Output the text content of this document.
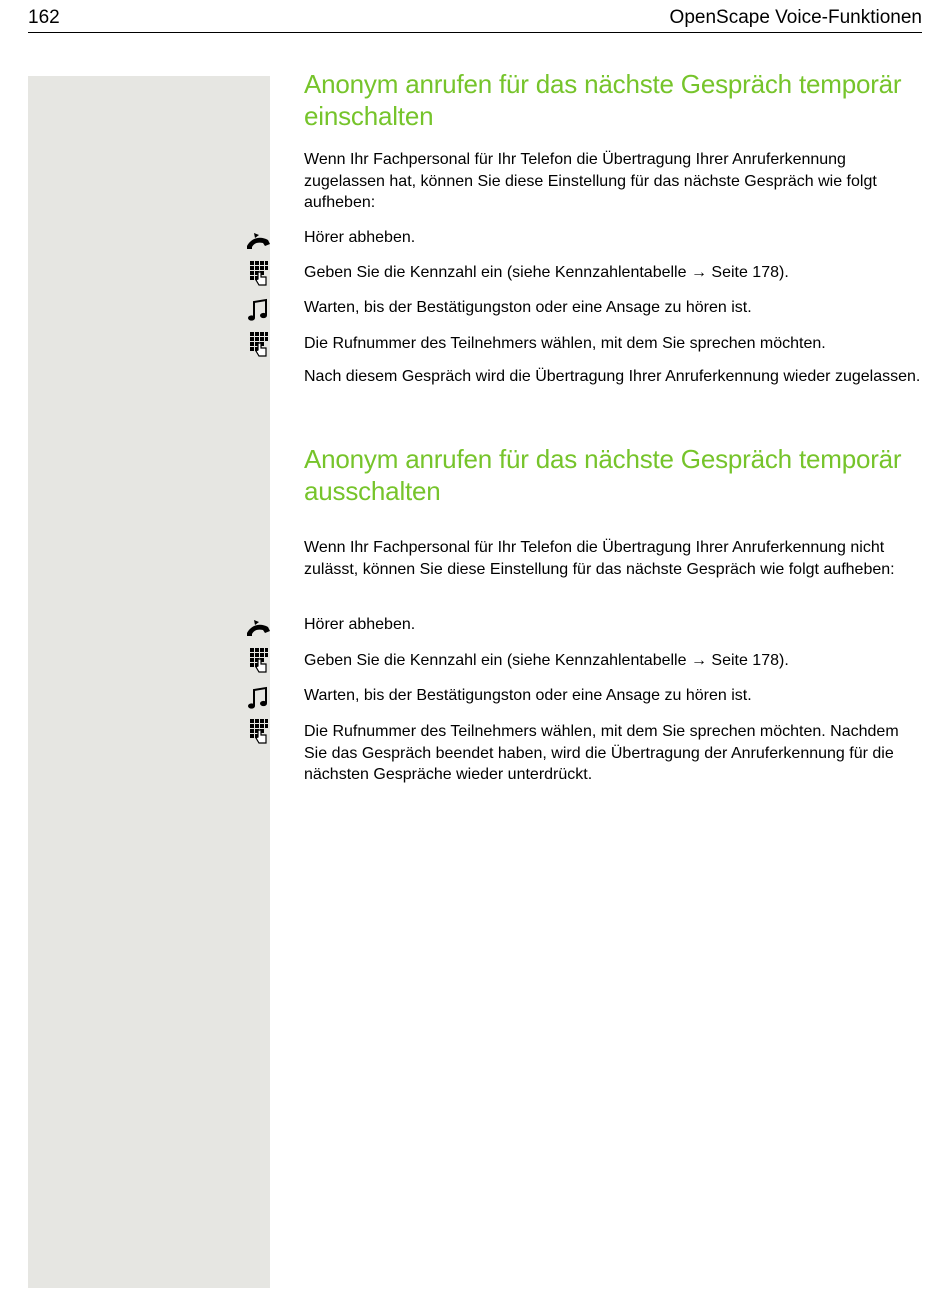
162	OpenScape Voice-Funktionen
Anonym anrufen für das nächste Gespräch temporär einschalten

Wenn Ihr Fachpersonal für Ihr Telefon die Übertragung Ihrer Anruferkennung zugelassen hat, können Sie diese Einstellung für das nächste Gespräch wie folgt aufheben:

Hörer abheben.
Geben Sie die Kennzahl ein (siehe Kennzahlentabelle → Seite 178).
Warten, bis der Bestätigungston oder eine Ansage zu hören ist.
Die Rufnummer des Teilnehmers wählen, mit dem Sie sprechen möchten.

Nach diesem Gespräch wird die Übertragung Ihrer Anruferkennung wieder zugelassen.

Anonym anrufen für das nächste Gespräch temporär ausschalten

Wenn Ihr Fachpersonal für Ihr Telefon die Übertragung Ihrer Anruferkennung nicht zulässt, können Sie diese Einstellung für das nächste Gespräch wie folgt aufheben:

Hörer abheben.
Geben Sie die Kennzahl ein (siehe Kennzahlentabelle → Seite 178).
Warten, bis der Bestätigungston oder eine Ansage zu hören ist.
Die Rufnummer des Teilnehmers wählen, mit dem Sie sprechen möchten. Nachdem Sie das Gespräch beendet haben, wird die Übertragung der Anruferkennung für die nächsten Gespräche wieder unterdrückt.
